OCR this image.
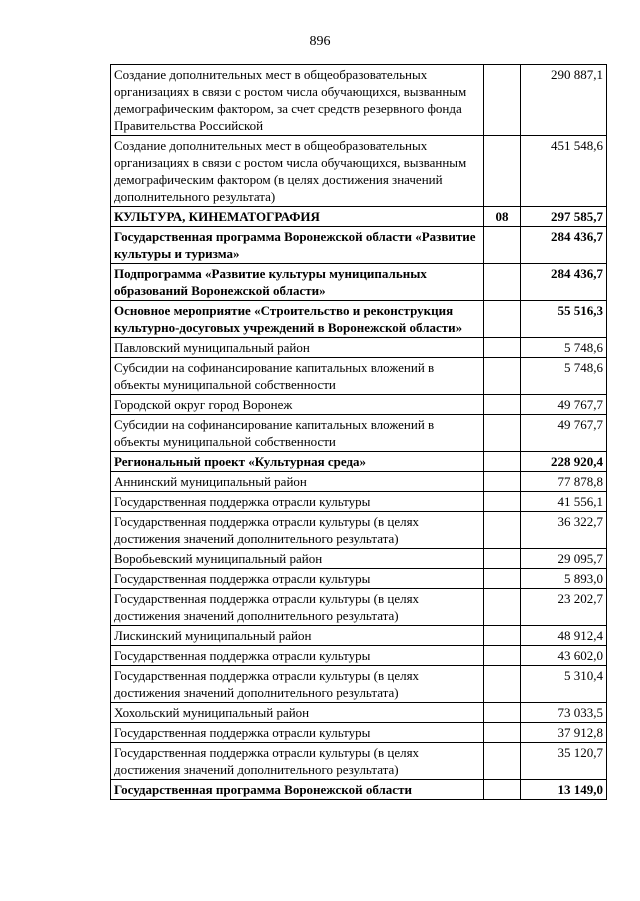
896
Создание дополнительных мест в общеобразовательных организациях в связи с ростом числа обучающихся, вызванным демографическим фактором, за счет средств резервного фонда Правительства Российской		290 887,1
Создание дополнительных мест в общеобразовательных организациях в связи с ростом числа обучающихся, вызванным демографическим фактором (в целях достижения значений дополнительного результата)		451 548,6
КУЛЬТУРА, КИНЕМАТОГРАФИЯ	08	297 585,7
Государственная программа Воронежской области «Развитие культуры и туризма»		284 436,7
Подпрограмма «Развитие культуры муниципальных образований Воронежской области»		284 436,7
Основное мероприятие «Строительство и реконструкция культурно-досуговых учреждений в Воронежской области»		55 516,3
Павловский муниципальный район		5 748,6
Субсидии на софинансирование капитальных вложений в объекты муниципальной собственности		5 748,6
Городской округ город Воронеж		49 767,7
Субсидии на софинансирование капитальных вложений в объекты муниципальной собственности		49 767,7
Региональный проект «Культурная среда»		228 920,4
Аннинский муниципальный район		77 878,8
Государственная поддержка отрасли культуры		41 556,1
Государственная поддержка отрасли культуры (в целях достижения значений дополнительного результата)		36 322,7
Воробьевский муниципальный район		29 095,7
Государственная поддержка отрасли культуры		5 893,0
Государственная поддержка отрасли культуры (в целях достижения значений дополнительного результата)		23 202,7
Лискинский муниципальный район		48 912,4
Государственная поддержка отрасли культуры		43 602,0
Государственная поддержка отрасли культуры (в целях достижения значений дополнительного результата)		5 310,4
Хохольский муниципальный район		73 033,5
Государственная поддержка отрасли культуры		37 912,8
Государственная поддержка отрасли культуры (в целях достижения значений дополнительного результата)		35 120,7
Государственная программа Воронежской области		13 149,0
